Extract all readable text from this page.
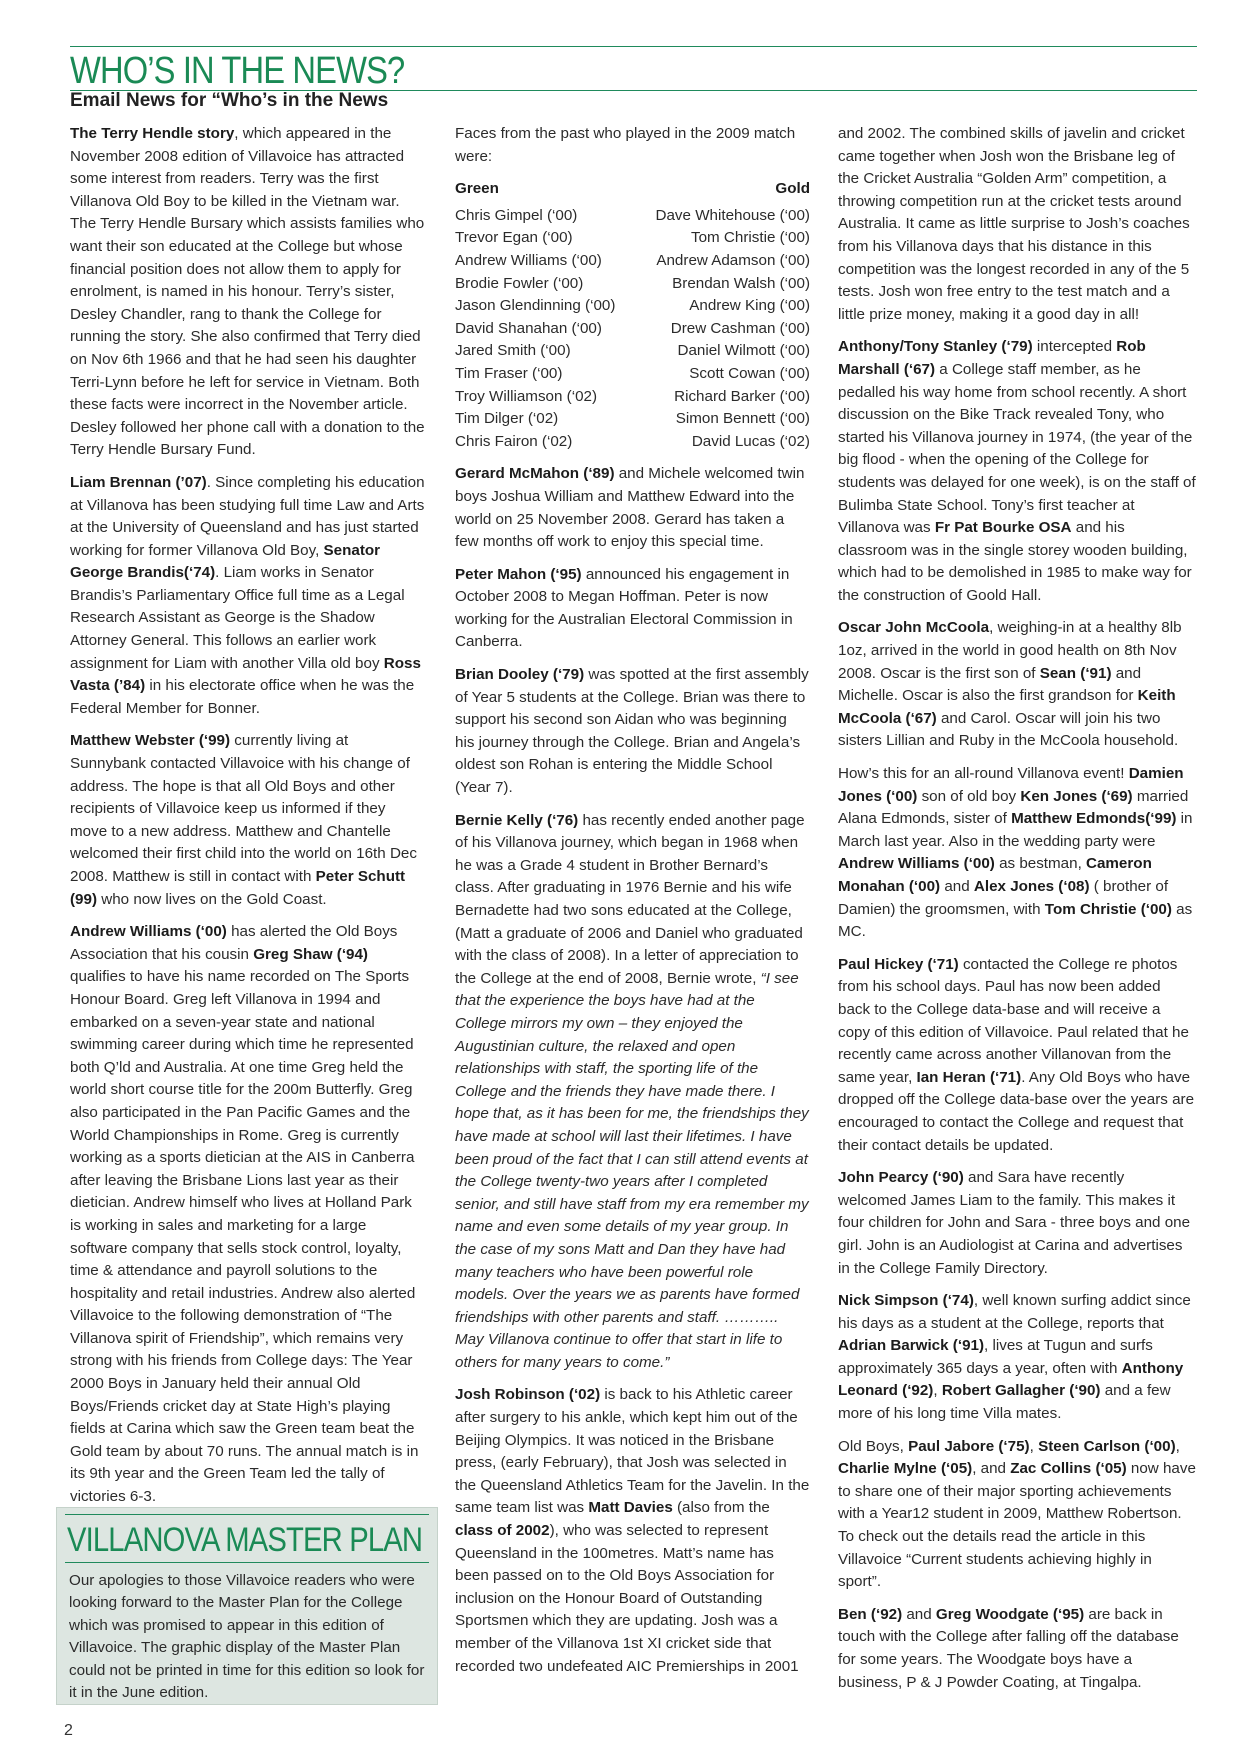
WHO’S IN THE NEWS?
Email News for “Who’s in the News

The Terry Hendle story, which appeared in the November 2008 edition of Villavoice has attracted some interest from readers. Terry was the first Villanova Old Boy to be killed in the Vietnam war. The Terry Hendle Bursary which assists families who want their son educated at the College but whose financial position does not allow them to apply for enrolment, is named in his honour. Terry’s sister, Desley Chandler, rang to thank the College for running the story. She also confirmed that Terry died on Nov 6th 1966 and that he had seen his daughter Terri-Lynn before he left for service in Vietnam. Both these facts were incorrect in the November article. Desley followed her phone call with a donation to the Terry Hendle Bursary Fund.

Liam Brennan (’07). Since completing his education at Villanova has been studying full time Law and Arts at the University of Queensland and has just started working for former Villanova Old Boy, Senator George Brandis(‘74). Liam works in Senator Brandis’s Parliamentary Office full time as a Legal Research Assistant as George is the Shadow Attorney General. This follows an earlier work assignment for Liam with another Villa old boy Ross Vasta (’84) in his electorate office when he was the Federal Member for Bonner.

Matthew Webster (‘99) currently living at Sunnybank contacted Villavoice with his change of address. The hope is that all Old Boys and other recipients of Villavoice keep us informed if they move to a new address. Matthew and Chantelle welcomed their first child into the world on 16th Dec 2008. Matthew is still in contact with Peter Schutt (99) who now lives on the Gold Coast.

Andrew Williams (‘00) has alerted the Old Boys Association that his cousin Greg Shaw (‘94) qualifies to have his name recorded on The Sports Honour Board. Greg left Villanova in 1994 and embarked on a seven-year state and national swimming career during which time he represented both Q’ld and Australia. At one time Greg held the world short course title for the 200m Butterfly. Greg also participated in the Pan Pacific Games and the World Championships in Rome. Greg is currently working as a sports dietician at the AIS in Canberra after leaving the Brisbane Lions last year as their dietician. Andrew himself who lives at Holland Park is working in sales and marketing for a large software company that sells stock control, loyalty, time & attendance and payroll solutions to the hospitality and retail industries. Andrew also alerted Villavoice to the following demonstration of “The Villanova spirit of Friendship”, which remains very strong with his friends from College days: The Year 2000 Boys in January held their annual Old Boys/Friends cricket day at State High’s playing fields at Carina which saw the Green team beat the Gold team by about 70 runs. The annual match is in its 9th year and the Green Team led the tally of victories 6-3.

VILLANOVA MASTER PLAN

Our apologies to those Villavoice readers who were looking forward to the Master Plan for the College which was promised to appear in this edition of Villavoice. The graphic display of the Master Plan could not be printed in time for this edition so look for it in the June edition.

Faces from the past who played in the 2009 match were:

Green	Gold
Chris Gimpel (‘00)	Dave Whitehouse (‘00)
Trevor Egan (‘00)	Tom Christie (‘00)
Andrew Williams (‘00)	Andrew Adamson (‘00)
Brodie Fowler (‘00)	Brendan Walsh (‘00)
Jason Glendinning (‘00)	Andrew King (‘00)
David Shanahan (‘00)	Drew Cashman (‘00)
Jared Smith (‘00)	Daniel Wilmott (‘00)
Tim Fraser (‘00)	Scott Cowan (‘00)
Troy Williamson (‘02)	Richard Barker (‘00)
Tim Dilger (‘02)	Simon Bennett (‘00)
Chris Fairon (‘02)	David Lucas (‘02)

Gerard McMahon (‘89) and Michele welcomed twin boys Joshua William and Matthew Edward into the world on 25 November 2008. Gerard has taken a few months off work to enjoy this special time.

Peter Mahon (‘95) announced his engagement in October 2008 to Megan Hoffman. Peter is now working for the Australian Electoral Commission in Canberra.

Brian Dooley (‘79) was spotted at the first assembly of Year 5 students at the College. Brian was there to support his second son Aidan who was beginning his journey through the College. Brian and Angela’s oldest son Rohan is entering the Middle School (Year 7).

Bernie Kelly (‘76) has recently ended another page of his Villanova journey, which began in 1968 when he was a Grade 4 student in Brother Bernard’s class. After graduating in 1976 Bernie and his wife Bernadette had two sons educated at the College, (Matt a graduate of 2006 and Daniel who graduated with the class of 2008). In a letter of appreciation to the College at the end of 2008, Bernie wrote, “I see that the experience the boys have had at the College mirrors my own – they enjoyed the Augustinian culture, the relaxed and open relationships with staff, the sporting life of the College and the friends they have made there. I hope that, as it has been for me, the friendships they have made at school will last their lifetimes. I have been proud of the fact that I can still attend events at the College twenty-two years after I completed senior, and still have staff from my era remember my name and even some details of my year group. In the case of my sons Matt and Dan they have had many teachers who have been powerful role models. Over the years we as parents have formed friendships with other parents and staff. ……….. May Villanova continue to offer that start in life to others for many years to come.”

Josh Robinson (‘02) is back to his Athletic career after surgery to his ankle, which kept him out of the Beijing Olympics. It was noticed in the Brisbane press, (early February), that Josh was selected in the Queensland Athletics Team for the Javelin. In the same team list was Matt Davies (also from the class of 2002), who was selected to represent Queensland in the 100metres. Matt’s name has been passed on to the Old Boys Association for inclusion on the Honour Board of Outstanding Sportsmen which they are updating. Josh was a member of the Villanova 1st XI cricket side that recorded two undefeated AIC Premierships in 2001

and 2002. The combined skills of javelin and cricket came together when Josh won the Brisbane leg of the Cricket Australia “Golden Arm” competition, a throwing competition run at the cricket tests around Australia. It came as little surprise to Josh’s coaches from his Villanova days that his distance in this competition was the longest recorded in any of the 5 tests. Josh won free entry to the test match and a little prize money, making it a good day in all!

Anthony/Tony Stanley (‘79) intercepted Rob Marshall (‘67) a College staff member, as he pedalled his way home from school recently. A short discussion on the Bike Track revealed Tony, who started his Villanova journey in 1974, (the year of the big flood - when the opening of the College for students was delayed for one week), is on the staff of Bulimba State School. Tony’s first teacher at Villanova was Fr Pat Bourke OSA and his classroom was in the single storey wooden building, which had to be demolished in 1985 to make way for the construction of Goold Hall.

Oscar John McCoola, weighing-in at a healthy 8lb 1oz, arrived in the world in good health on 8th Nov 2008. Oscar is the first son of Sean (‘91) and Michelle. Oscar is also the first grandson for Keith McCoola (‘67) and Carol. Oscar will join his two sisters Lillian and Ruby in the McCoola household.

How’s this for an all-round Villanova event! Damien Jones (‘00) son of old boy Ken Jones (‘69) married Alana Edmonds, sister of Matthew Edmonds(‘99) in March last year. Also in the wedding party were Andrew Williams (‘00) as bestman, Cameron Monahan (‘00) and Alex Jones (‘08) ( brother of Damien) the groomsmen, with Tom Christie (‘00) as MC.

Paul Hickey (‘71) contacted the College re photos from his school days. Paul has now been added back to the College data-base and will receive a copy of this edition of Villavoice. Paul related that he recently came across another Villanovan from the same year, Ian Heran (‘71). Any Old Boys who have dropped off the College data-base over the years are encouraged to contact the College and request that their contact details be updated.

John Pearcy (‘90) and Sara have recently welcomed James Liam to the family. This makes it four children for John and Sara - three boys and one girl. John is an Audiologist at Carina and advertises in the College Family Directory.

Nick Simpson (‘74), well known surfing addict since his days as a student at the College, reports that Adrian Barwick (‘91), lives at Tugun and surfs approximately 365 days a year, often with Anthony Leonard (‘92), Robert Gallagher (‘90) and a few more of his long time Villa mates.

Old Boys, Paul Jabore (‘75), Steen Carlson (‘00), Charlie Mylne (‘05), and Zac Collins (‘05) now have to share one of their major sporting achievements with a Year12 student in 2009, Matthew Robertson. To check out the details read the article in this Villavoice “Current students achieving highly in sport”.

Ben (‘92) and Greg Woodgate (‘95) are back in touch with the College after falling off the database for some years. The Woodgate boys have a business, P & J Powder Coating, at Tingalpa.

2
